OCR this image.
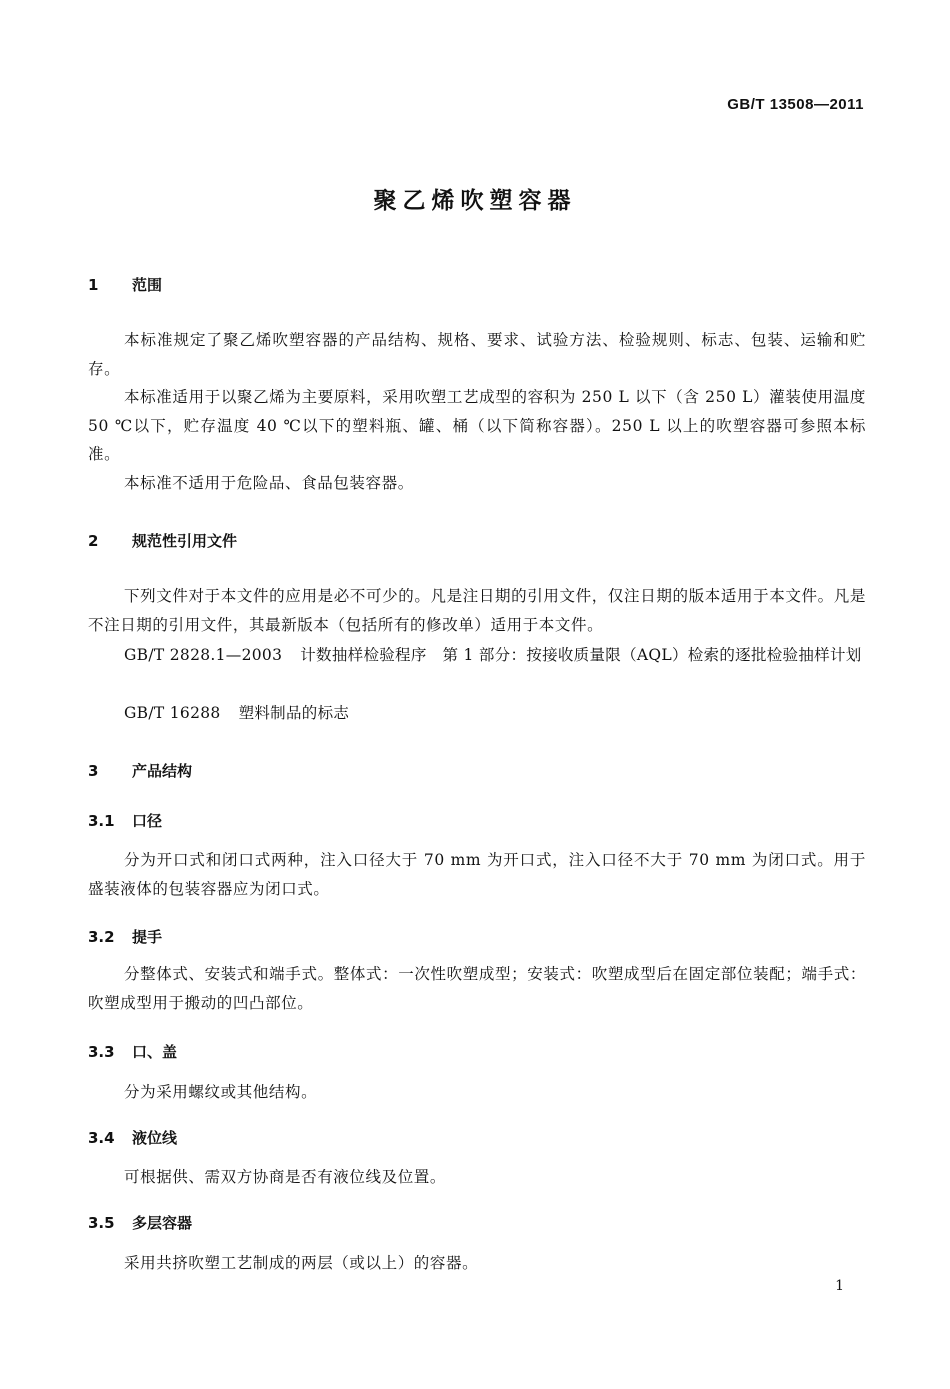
GB/T 13508—2011
聚乙烯吹塑容器
1 范围
本标准规定了聚乙烯吹塑容器的产品结构、规格、要求、试验方法、检验规则、标志、包装、运输和贮存。
本标准适用于以聚乙烯为主要原料，采用吹塑工艺成型的容积为 250 L 以下（含 250 L）灌装使用温度 50 ℃以下，贮存温度 40 ℃以下的塑料瓶、罐、桶（以下简称容器）。250 L 以上的吹塑容器可参照本标准。
本标准不适用于危险品、食品包装容器。
2 规范性引用文件
下列文件对于本文件的应用是必不可少的。凡是注日期的引用文件，仅注日期的版本适用于本文件。凡是不注日期的引用文件，其最新版本（包括所有的修改单）适用于本文件。
GB/T 2828.1—2003 计数抽样检验程序　第 1 部分：按接收质量限（AQL）检索的逐批检验抽样计划
GB/T 16288 塑料制品的标志
3 产品结构
3.1 口径
分为开口式和闭口式两种，注入口径大于 70 mm 为开口式，注入口径不大于 70 mm 为闭口式。用于盛装液体的包装容器应为闭口式。
3.2 提手
分整体式、安装式和端手式。整体式：一次性吹塑成型；安装式：吹塑成型后在固定部位装配；端手式：吹塑成型用于搬动的凹凸部位。
3.3 口、盖
分为采用螺纹或其他结构。
3.4 液位线
可根据供、需双方协商是否有液位线及位置。
3.5 多层容器
采用共挤吹塑工艺制成的两层（或以上）的容器。
1
